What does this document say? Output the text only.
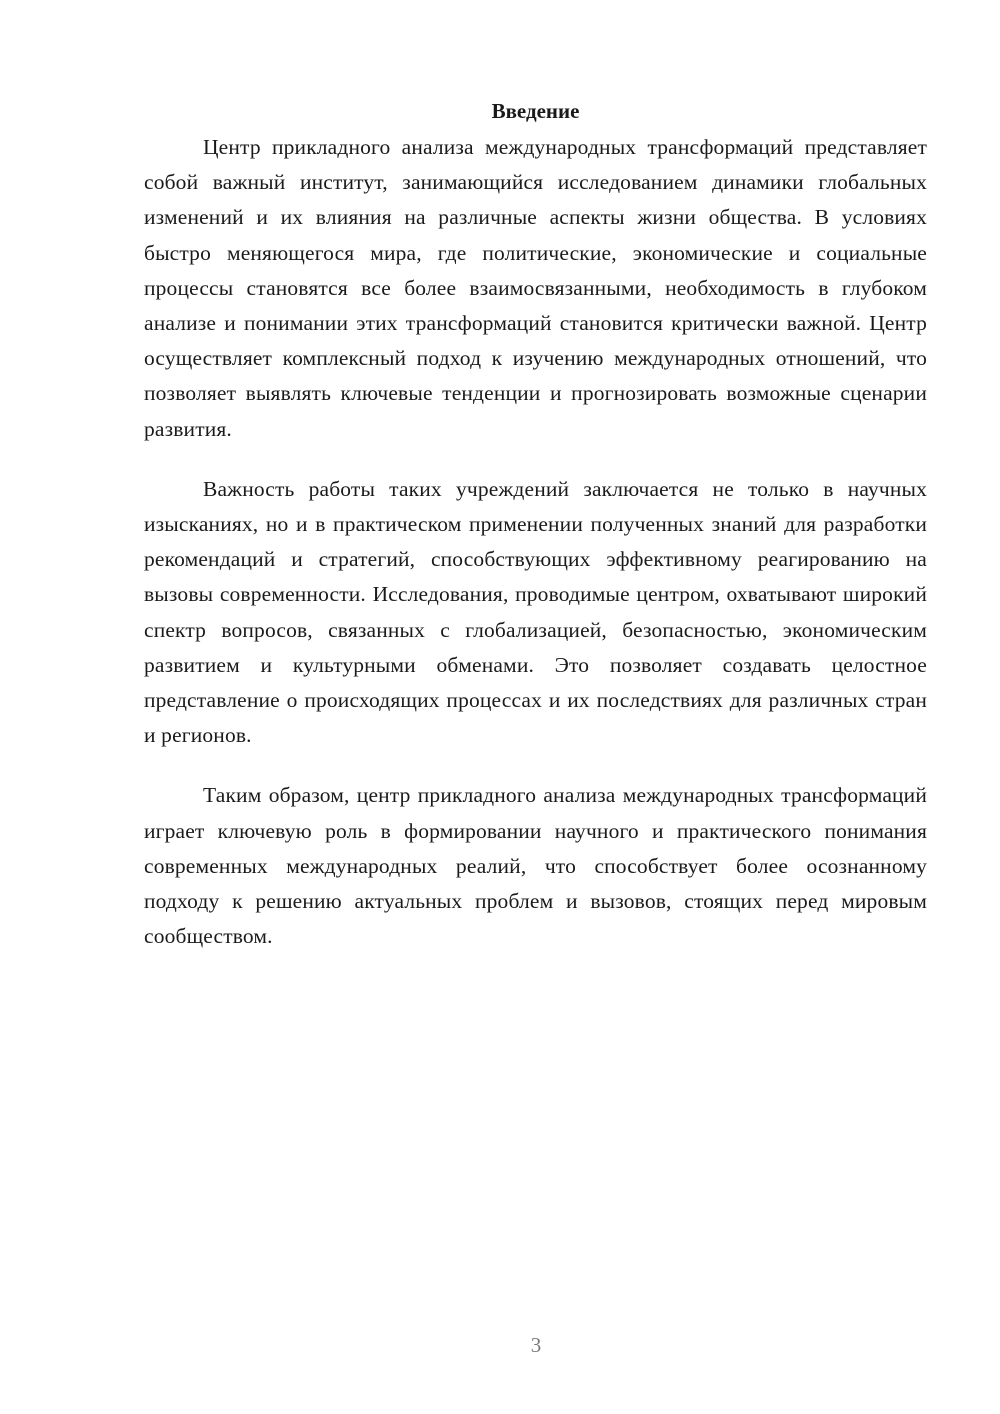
Введение

Центр прикладного анализа международных трансформаций представляет собой важный институт, занимающийся исследованием динамики глобальных изменений и их влияния на различные аспекты жизни общества. В условиях быстро меняющегося мира, где политические, экономические и социальные процессы становятся все более взаимосвязанными, необходимость в глубоком анализе и понимании этих трансформаций становится критически важной. Центр осуществляет комплексный подход к изучению международных отношений, что позволяет выявлять ключевые тенденции и прогнозировать возможные сценарии развития.

Важность работы таких учреждений заключается не только в научных изысканиях, но и в практическом применении полученных знаний для разработки рекомендаций и стратегий, способствующих эффективному реагированию на вызовы современности. Исследования, проводимые центром, охватывают широкий спектр вопросов, связанных с глобализацией, безопасностью, экономическим развитием и культурными обменами. Это позволяет создавать целостное представление о происходящих процессах и их последствиях для различных стран и регионов.

Таким образом, центр прикладного анализа международных трансформаций играет ключевую роль в формировании научного и практического понимания современных международных реалий, что способствует более осознанному подходу к решению актуальных проблем и вызовов, стоящих перед мировым сообществом.

3
